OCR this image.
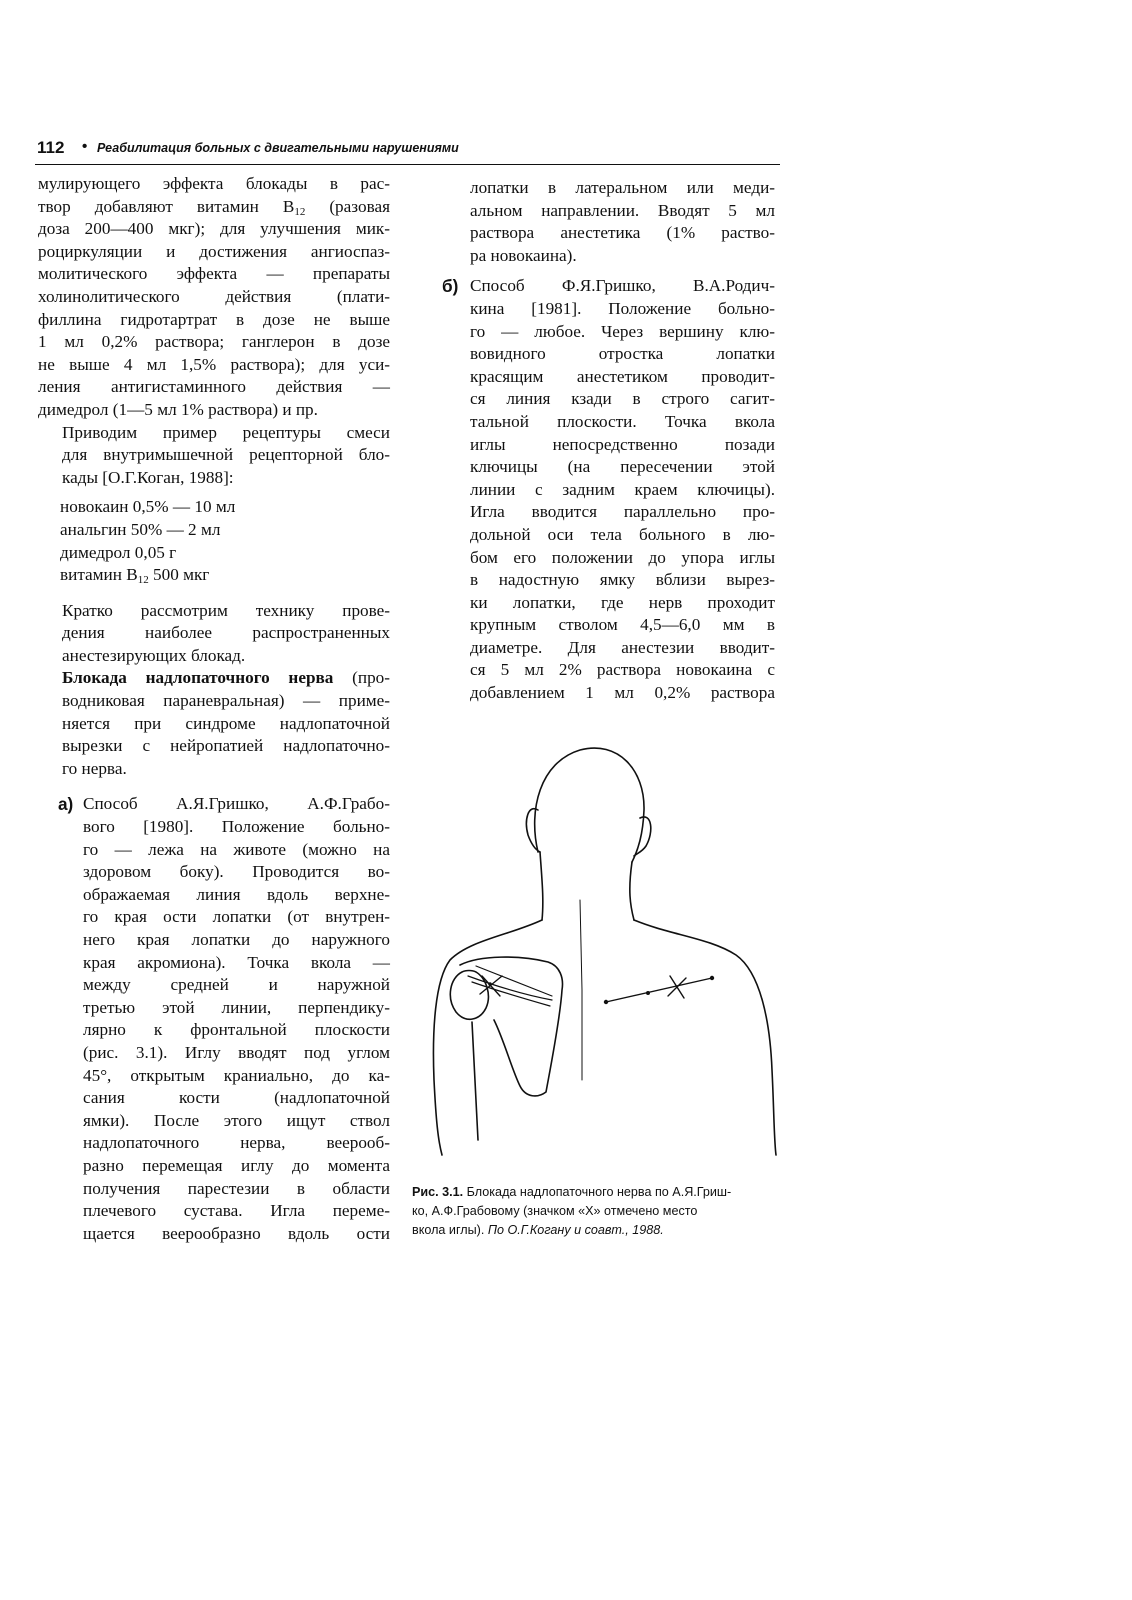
112 • Реабилитация больных с двигательными нарушениями

мулирующего эффекта блокады в рас-
твор добавляют витамин $В_{12}$ (разовая
доза 200—400 мкг); для улучшения мик-
роциркуляции и достижения ангиоспаз-
молитического эффекта — препараты
холинолитического действия (плати-
филлина гидротартрат в дозе не выше
1 мл 0,2% раствора; ганглерон в дозе
не выше 4 мл 1,5% раствора); для уси-
ления антигистаминного действия —
димедрол (1—5 мл 1% раствора) и пр.

Приводим пример рецептуры смеси
для внутримышечной рецепторной бло-
кады [О.Г.Коган, 1988]:

новокаин 0,5% — 10 мл
анальгин 50% — 2 мл
димедрол 0,05 г
витамин $В_{12}$ 500 мкг

Кратко рассмотрим технику прове-
дения наиболее распространенных
анестезирующих блокад.

Блокада надлопаточного нерва (про-
водниковая параневральная) — приме-
няется при синдроме надлопаточной
вырезки с нейропатией надлопаточно-
го нерва.

а) Способ А.Я.Гришко, А.Ф.Грабо-
вого [1980]. Положение больно-
го — лежа на животе (можно на
здоровом боку). Проводится во-
ображаемая линия вдоль верхне-
го края ости лопатки (от внутрен-
него края лопатки до наружного
края акромиона). Точка вкола —
между средней и наружной
третью этой линии, перпендику-
лярно к фронтальной плоскости
(рис. 3.1). Иглу вводят под углом
45°, открытым краниально, до ка-
сания кости (надлопаточной
ямки). После этого ищут ствол
надлопаточного нерва, веерооб-
разно перемещая иглу до момента
получения парестезии в области
плечевого сустава. Игла переме-
щается веерообразно вдоль ости

лопатки в латеральном или меди-
альном направлении. Вводят 5 мл
раствора анестетика (1% раство-
ра новокаина).

б) Способ Ф.Я.Гришко, В.А.Родич-
кина [1981]. Положение больно-
го — любое. Через вершину клю-
вовидного отростка лопатки
красящим анестетиком проводит-
ся линия кзади в строго сагит-
тальной плоскости. Точка вкола
иглы непосредственно позади
ключицы (на пересечении этой
линии с задним краем ключицы).
Игла вводится параллельно про-
дольной оси тела больного в лю-
бом его положении до упора иглы
в надостную ямку вблизи вырез-
ки лопатки, где нерв проходит
крупным стволом 4,5—6,0 мм в
диаметре. Для анестезии вводит-
ся 5 мл 2% раствора новокаина с
добавлением 1 мл 0,2% раствора
Рис. 3.1. Блокада надлопаточного нерва по А.Я.Гриш-
ко, А.Ф.Грабовому (значком «X» отмечено место
вкола иглы). По О.Г.Когану и соавт., 1988.
